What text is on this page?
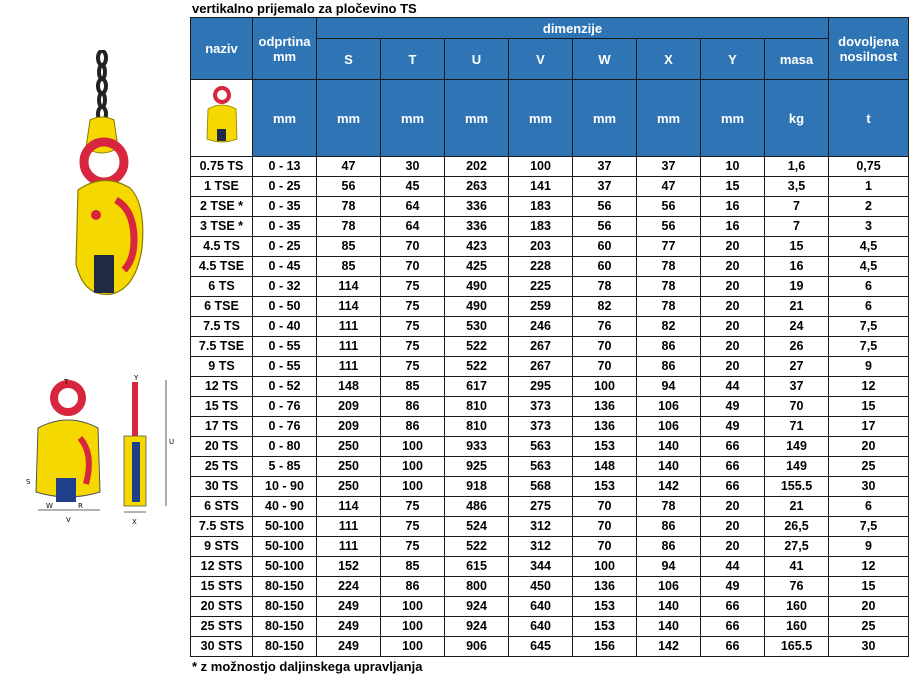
vertikalno prijemalo za pločevino TS
T
S
W	R
V	X
Y
U
naziv	odprtina mm	dimenzije								dovoljena nosilnost
		S	T	U	V	W	X	Y	masa	
	mm	mm	mm	mm	mm	mm	mm	mm	kg	t
0.75 TS	0 - 13	47	30	202	100	37	37	10	1,6	0,75
1 TSE	0 - 25	56	45	263	141	37	47	15	3,5	1
2 TSE *	0 - 35	78	64	336	183	56	56	16	7	2
3 TSE *	0 - 35	78	64	336	183	56	56	16	7	3
4.5 TS	0 - 25	85	70	423	203	60	77	20	15	4,5
4.5 TSE	0 - 45	85	70	425	228	60	78	20	16	4,5
6 TS	0 - 32	114	75	490	225	78	78	20	19	6
6 TSE	0 - 50	114	75	490	259	82	78	20	21	6
7.5 TS	0 - 40	111	75	530	246	76	82	20	24	7,5
7.5 TSE	0 - 55	111	75	522	267	70	86	20	26	7,5
9 TS	0 - 55	111	75	522	267	70	86	20	27	9
12 TS	0 - 52	148	85	617	295	100	94	44	37	12
15 TS	0 - 76	209	86	810	373	136	106	49	70	15
17 TS	0 - 76	209	86	810	373	136	106	49	71	17
20 TS	0 - 80	250	100	933	563	153	140	66	149	20
25 TS	5 - 85	250	100	925	563	148	140	66	149	25
30 TS	10 - 90	250	100	918	568	153	142	66	155.5	30
6 STS	40 - 90	114	75	486	275	70	78	20	21	6
7.5 STS	50-100	111	75	524	312	70	86	20	26,5	7,5
9 STS	50-100	111	75	522	312	70	86	20	27,5	9
12 STS	50-100	152	85	615	344	100	94	44	41	12
15 STS	80-150	224	86	800	450	136	106	49	76	15
20 STS	80-150	249	100	924	640	153	140	66	160	20
25 STS	80-150	249	100	924	640	153	140	66	160	25
30 STS	80-150	249	100	906	645	156	142	66	165.5	30
* z možnostjo daljinskega upravljanja
